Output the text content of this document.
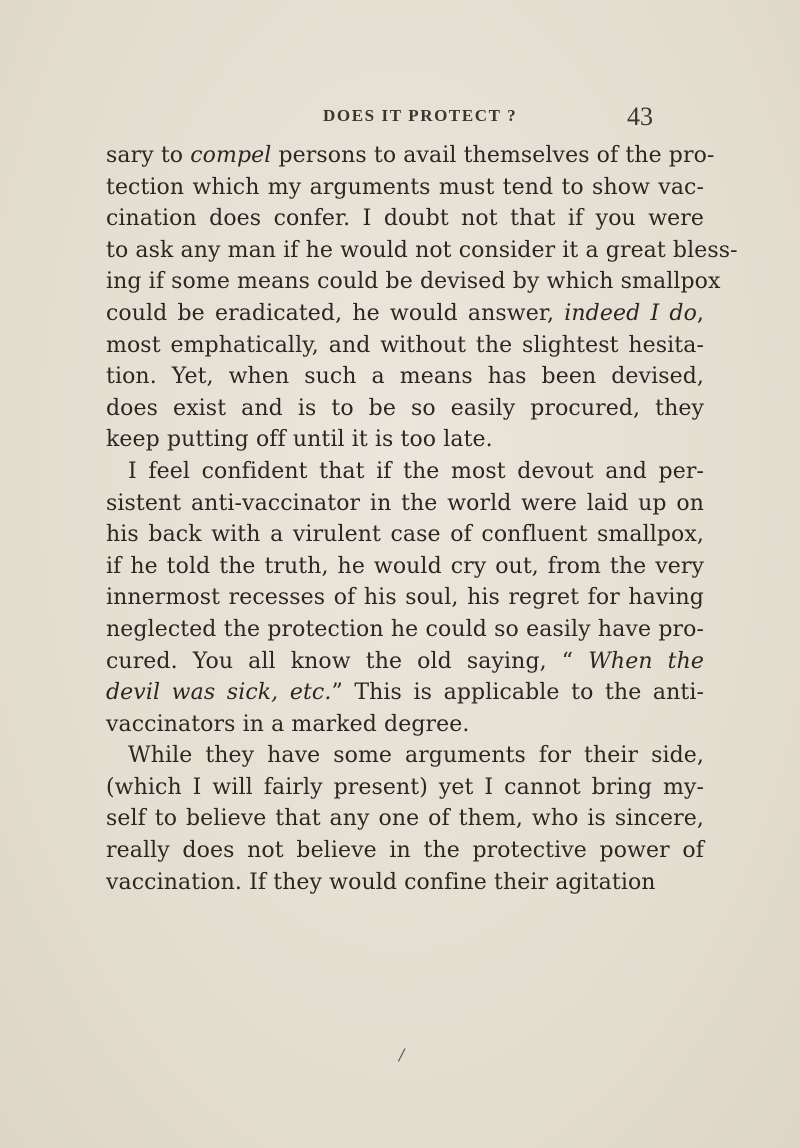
DOES IT PROTECT ?	43
sary to compel persons to avail themselves of the pro-
tection which my arguments must tend to show vac-
cination does confer. I doubt not that if you were
to ask any man if he would not consider it a great bless-
ing if some means could be devised by which smallpox
could be eradicated, he would answer, indeed I do,
most emphatically, and without the slightest hesita-
tion. Yet, when such a means has been devised,
does exist and is to be so easily procured, they
keep putting off until it is too late.
I feel confident that if the most devout and per-
sistent anti-vaccinator in the world were laid up on
his back with a virulent case of confluent smallpox,
if he told the truth, he would cry out, from the very
innermost recesses of his soul, his regret for having
neglected the protection he could so easily have pro-
cured. You all know the old saying, “ When the
devil was sick, etc.” This is applicable to the anti-
vaccinators in a marked degree.
While they have some arguments for their side,
(which I will fairly present) yet I cannot bring my-
self to believe that any one of them, who is sincere,
really does not believe in the protective power of
vaccination. If they would confine their agitation
/
